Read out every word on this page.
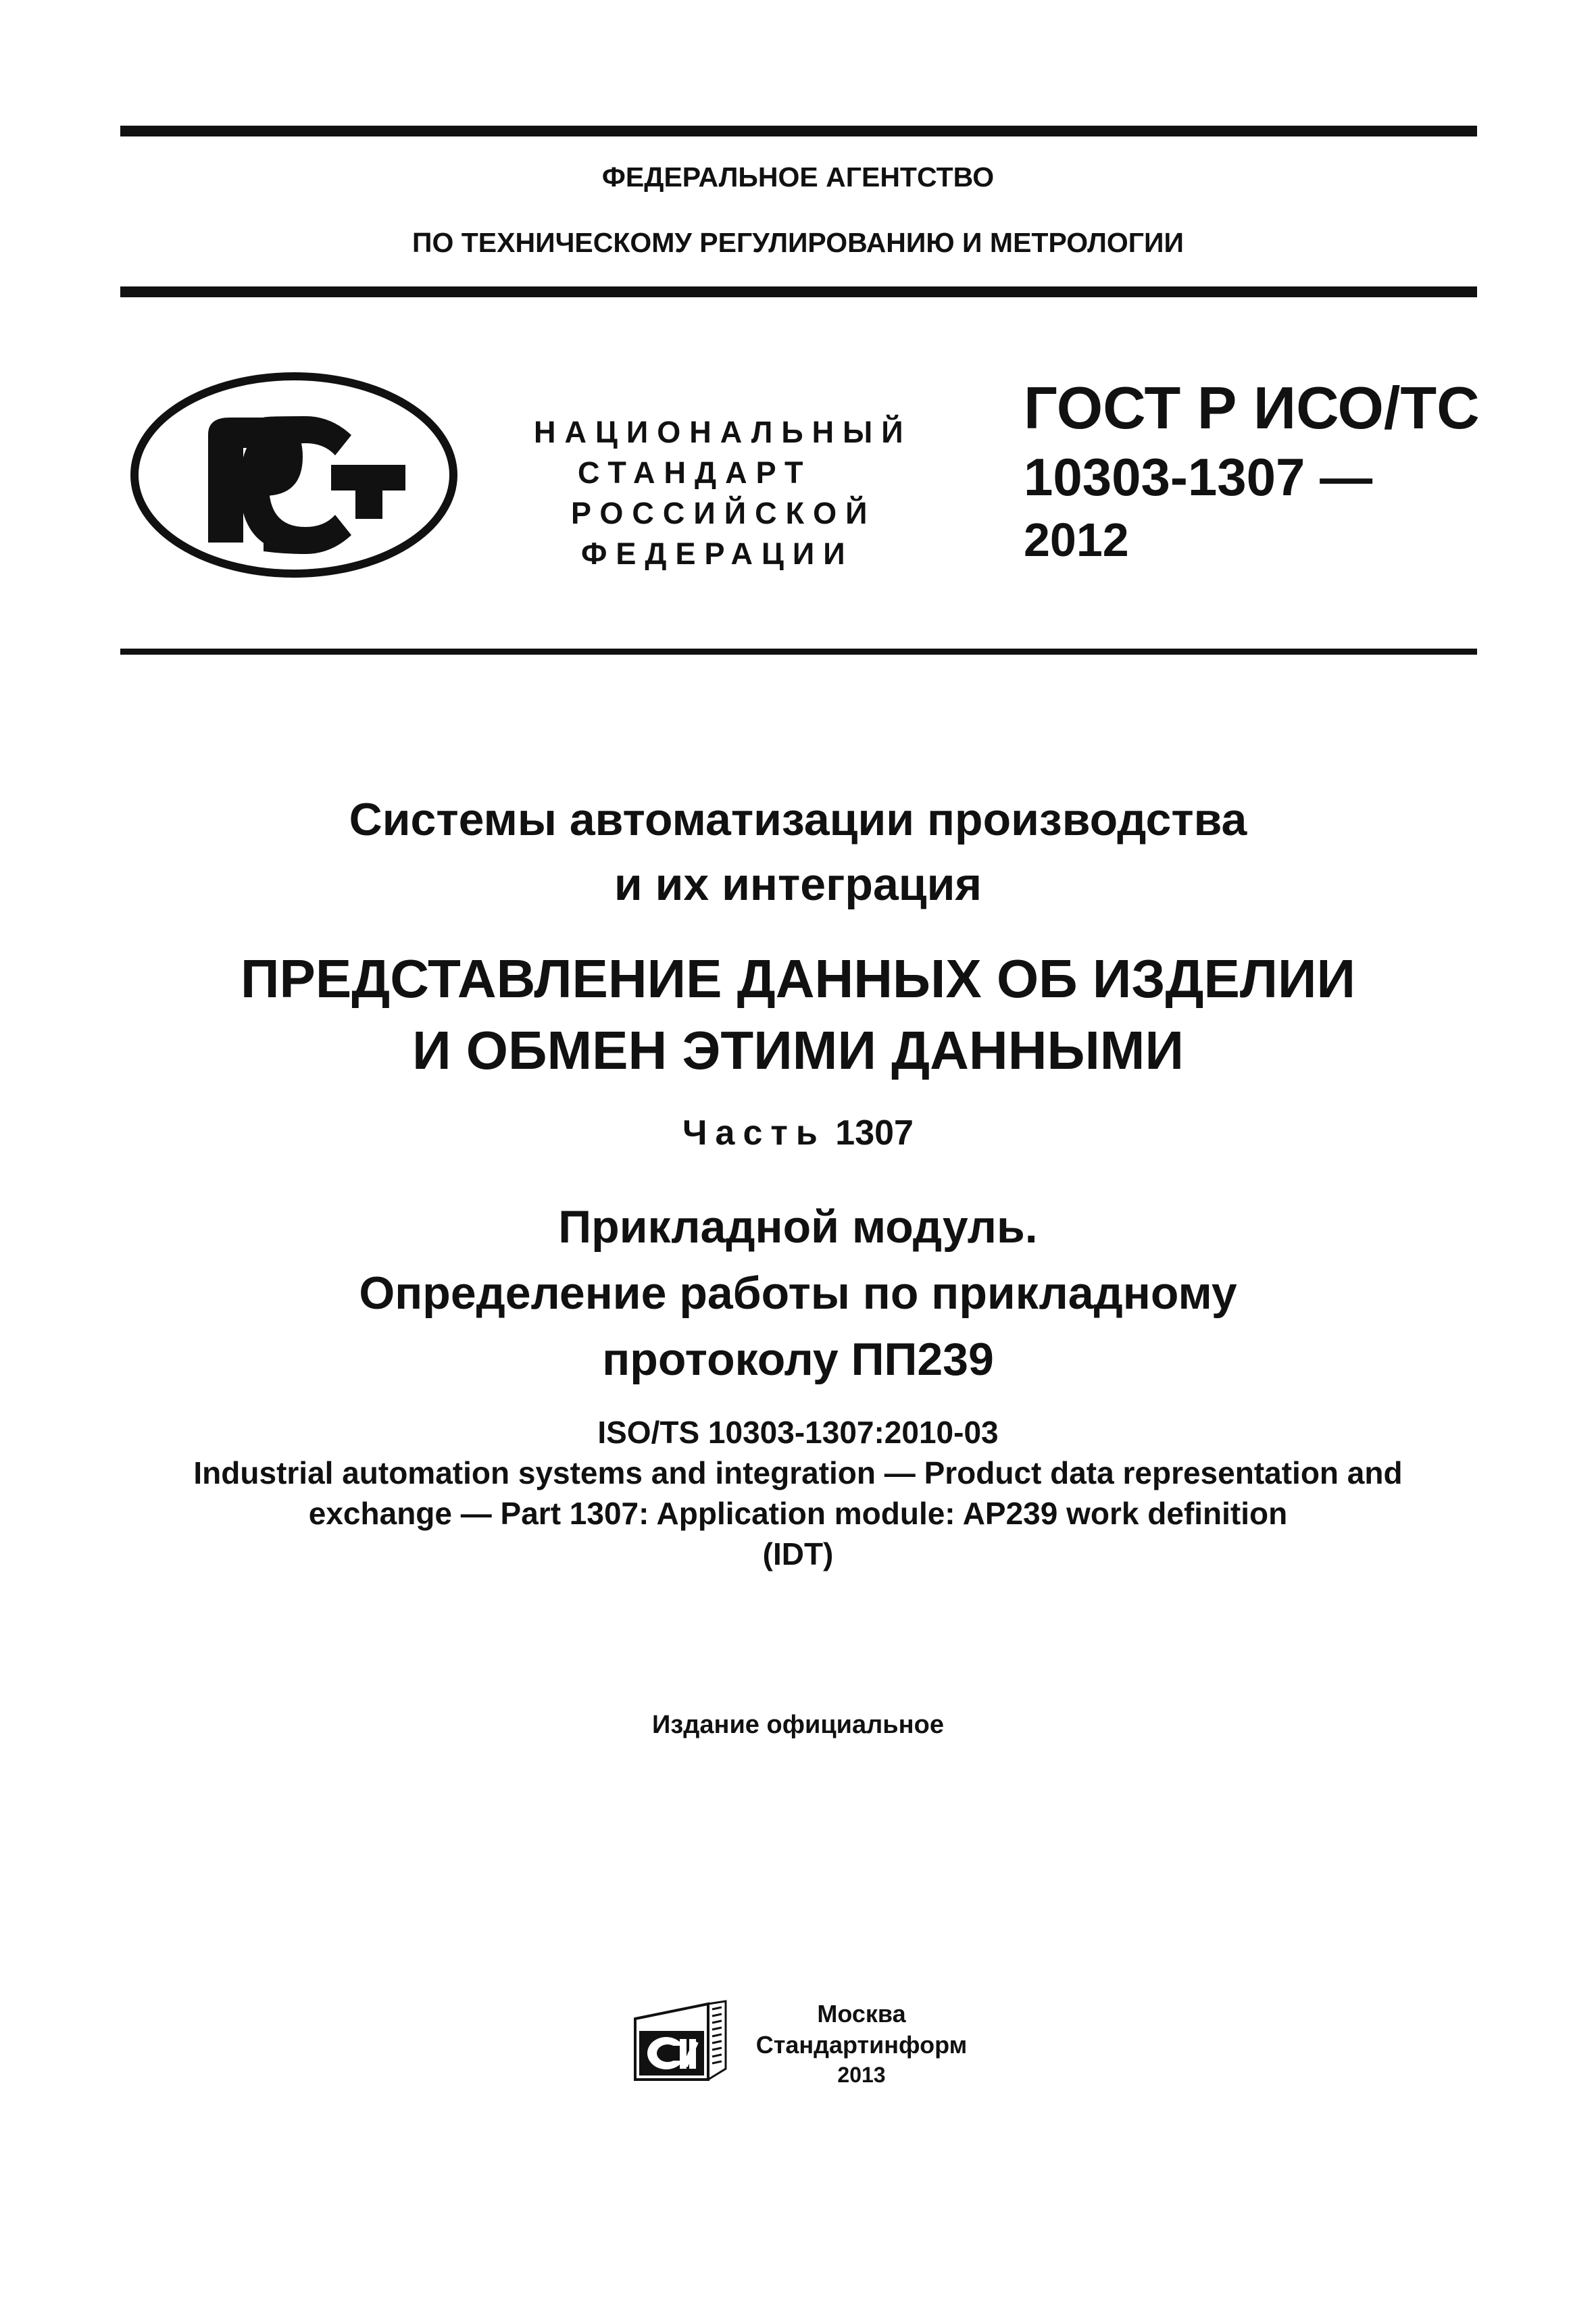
ФЕДЕРАЛЬНОЕ АГЕНТСТВО
ПО ТЕХНИЧЕСКОМУ РЕГУЛИРОВАНИЮ И МЕТРОЛОГИИ
НАЦИОНАЛЬНЫЙ
СТАНДАРТ
РОССИЙСКОЙ
ФЕДЕРАЦИИ
ГОСТ Р ИСО/ТС
10303-1307 —
2012
Системы автоматизации производства
и их интеграция
ПРЕДСТАВЛЕНИЕ ДАННЫХ ОБ ИЗДЕЛИИ
И ОБМЕН ЭТИМИ ДАННЫМИ
Часть 1307
Прикладной модуль.
Определение работы по прикладному
протоколу ПП239
ISO/TS 10303-1307:2010-03
Industrial automation systems and integration — Product data representation and
exchange — Part 1307: Application module: AP239 work definition
(IDT)
Издание официальное
Москва
Стандартинформ
2013
